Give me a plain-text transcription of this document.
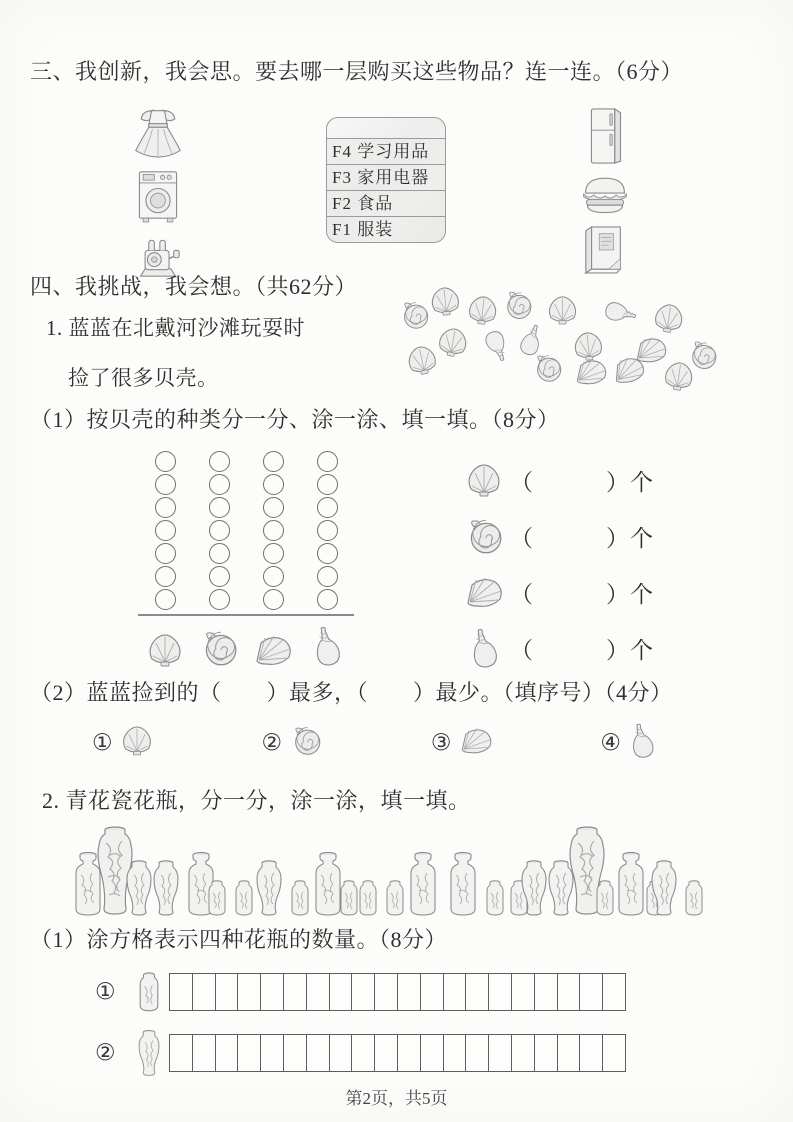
三、我创新，我会思。要去哪一层购买这些物品？连一连。（6分）
F4 学习用品
F3 家用电器
F2 食品
F1 服装
四、我挑战，我会想。（共62分）
1. 蓝蓝在北戴河沙滩玩耍时
捡了很多贝壳。
（1）按贝壳的种类分一分、涂一涂、填一填。（8分）
（　　　）个
（　　　）个
（　　　）个
（　　　）个
（2）蓝蓝捡到的（　　）最多，（　　）最少。（填序号）（4分）
①	②	③	④
2. 青花瓷花瓶，分一分，涂一涂，填一填。
（1）涂方格表示四种花瓶的数量。（8分）
①
②
第2页，共5页
